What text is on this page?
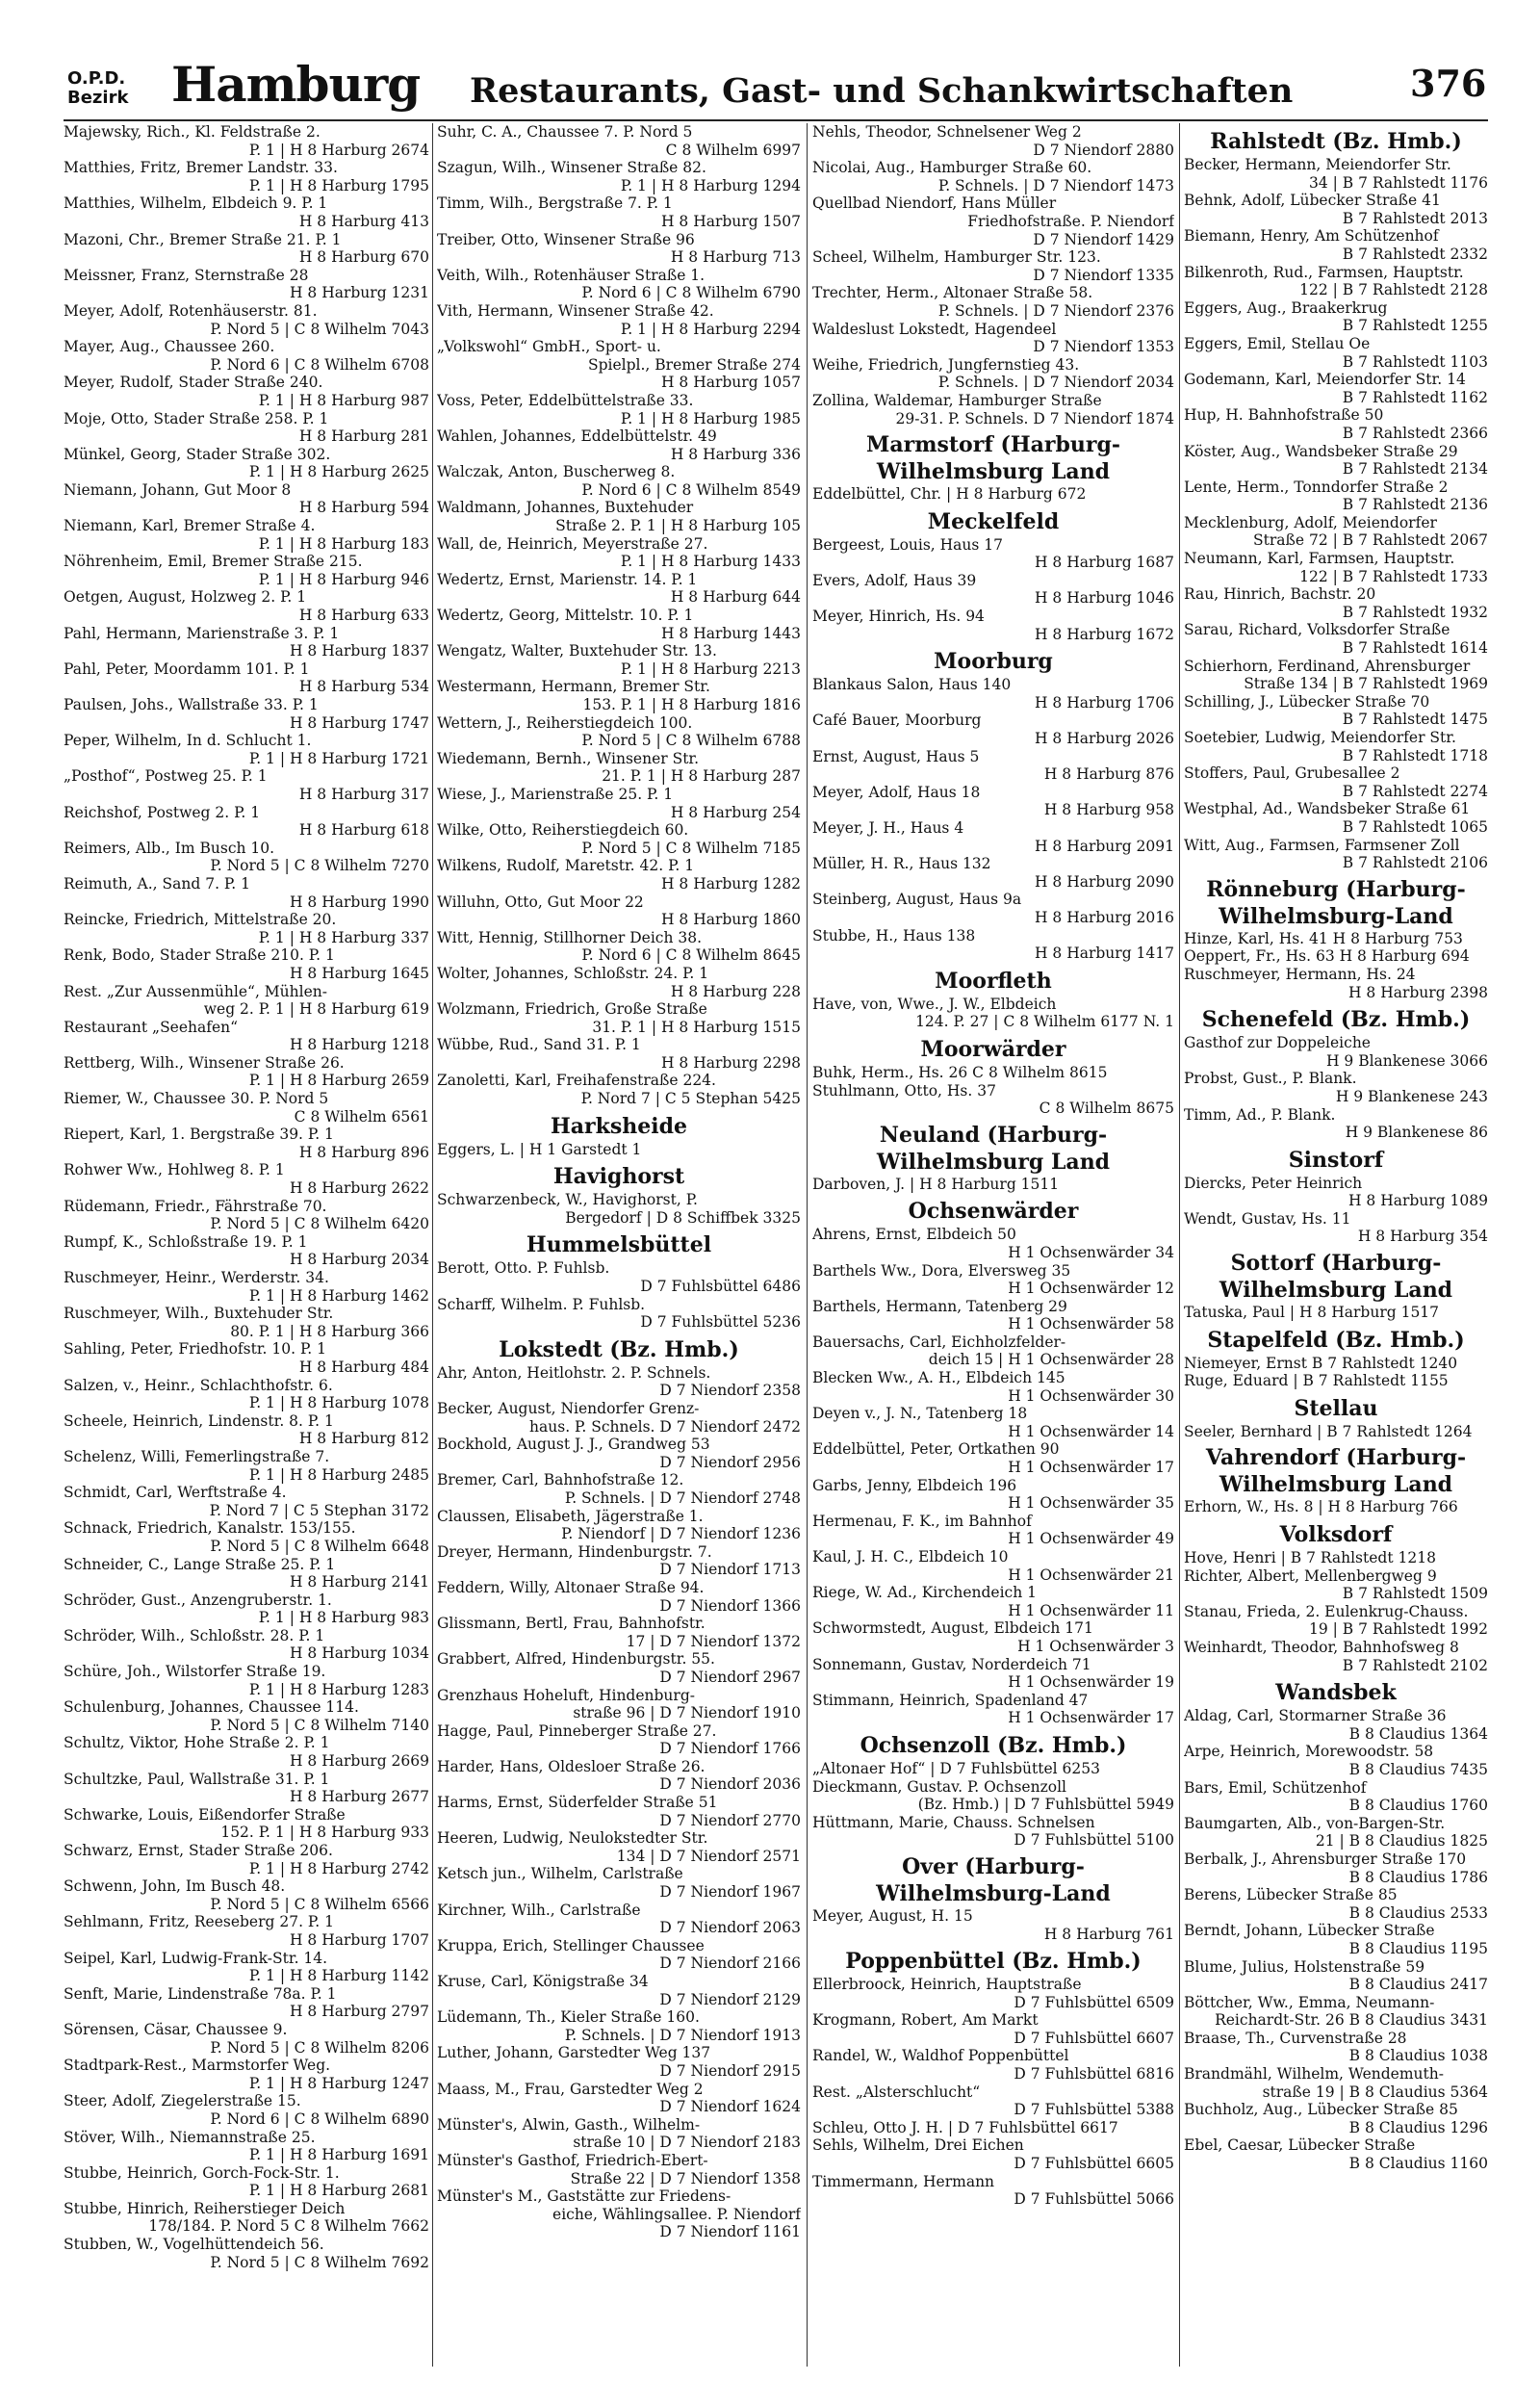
O.P.D.
Bezirk Hamburg Restaurants, Gast- und Schankwirtschaften	376
Majewsky, Rich., Kl. Feldstraße 2.
P. 1 | H 8 Harburg 2674
Matthies, Fritz, Bremer Landstr. 33.
P. 1 | H 8 Harburg 1795
Matthies, Wilhelm, Elbdeich 9. P. 1
H 8 Harburg 413
Mazoni, Chr., Bremer Straße 21. P. 1
H 8 Harburg 670
Meissner, Franz, Sternstraße 28
H 8 Harburg 1231
Meyer, Adolf, Rotenhäuserstr. 81.
P. Nord 5 | C 8 Wilhelm 7043
Mayer, Aug., Chaussee 260.
P. Nord 6 | C 8 Wilhelm 6708
Meyer, Rudolf, Stader Straße 240.
P. 1 | H 8 Harburg 987
Moje, Otto, Stader Straße 258. P. 1
H 8 Harburg 281
Münkel, Georg, Stader Straße 302.
P. 1 | H 8 Harburg 2625
Niemann, Johann, Gut Moor 8
H 8 Harburg 594
Niemann, Karl, Bremer Straße 4.
P. 1 | H 8 Harburg 183
Nöhrenheim, Emil, Bremer Straße 215.
P. 1 | H 8 Harburg 946
Oetgen, August, Holzweg 2. P. 1
H 8 Harburg 633
Pahl, Hermann, Marienstraße 3. P. 1
H 8 Harburg 1837
Pahl, Peter, Moordamm 101. P. 1
H 8 Harburg 534
Paulsen, Johs., Wallstraße 33. P. 1
H 8 Harburg 1747
Peper, Wilhelm, In d. Schlucht 1.
P. 1 | H 8 Harburg 1721
„Posthof“, Postweg 25. P. 1
H 8 Harburg 317
Reichshof, Postweg 2. P. 1
H 8 Harburg 618
Reimers, Alb., Im Busch 10.
P. Nord 5 | C 8 Wilhelm 7270
Reimuth, A., Sand 7. P. 1
H 8 Harburg 1990
Reincke, Friedrich, Mittelstraße 20.
P. 1 | H 8 Harburg 337
Renk, Bodo, Stader Straße 210. P. 1
H 8 Harburg 1645
Rest. „Zur Aussenmühle“, Mühlen-
weg 2. P. 1 | H 8 Harburg 619
Restaurant „Seehafen“
H 8 Harburg 1218
Rettberg, Wilh., Winsener Straße 26.
P. 1 | H 8 Harburg 2659
Riemer, W., Chaussee 30. P. Nord 5
C 8 Wilhelm 6561
Riepert, Karl, 1. Bergstraße 39. P. 1
H 8 Harburg 896
Rohwer Ww., Hohlweg 8. P. 1
H 8 Harburg 2622
Rüdemann, Friedr., Fährstraße 70.
P. Nord 5 | C 8 Wilhelm 6420
Rumpf, K., Schloßstraße 19. P. 1
H 8 Harburg 2034
Ruschmeyer, Heinr., Werderstr. 34.
P. 1 | H 8 Harburg 1462
Ruschmeyer, Wilh., Buxtehuder Str.
80. P. 1 | H 8 Harburg 366
Sahling, Peter, Friedhofstr. 10. P. 1
H 8 Harburg 484
Salzen, v., Heinr., Schlachthofstr. 6.
P. 1 | H 8 Harburg 1078
Scheele, Heinrich, Lindenstr. 8. P. 1
H 8 Harburg 812
Schelenz, Willi, Femerlingstraße 7.
P. 1 | H 8 Harburg 2485
Schmidt, Carl, Werftstraße 4.
P. Nord 7 | C 5 Stephan 3172
Schnack, Friedrich, Kanalstr. 153/155.
P. Nord 5 | C 8 Wilhelm 6648
Schneider, C., Lange Straße 25. P. 1
H 8 Harburg 2141
Schröder, Gust., Anzengruberstr. 1.
P. 1 | H 8 Harburg 983
Schröder, Wilh., Schloßstr. 28. P. 1
H 8 Harburg 1034
Schüre, Joh., Wilstorfer Straße 19.
P. 1 | H 8 Harburg 1283
Schulenburg, Johannes, Chaussee 114.
P. Nord 5 | C 8 Wilhelm 7140
Schultz, Viktor, Hohe Straße 2. P. 1
H 8 Harburg 2669
Schultzke, Paul, Wallstraße 31. P. 1
H 8 Harburg 2677
Schwarke, Louis, Eißendorfer Straße
152. P. 1 | H 8 Harburg 933
Schwarz, Ernst, Stader Straße 206.
P. 1 | H 8 Harburg 2742
Schwenn, John, Im Busch 48.
P. Nord 5 | C 8 Wilhelm 6566
Sehlmann, Fritz, Reeseberg 27. P. 1
H 8 Harburg 1707
Seipel, Karl, Ludwig-Frank-Str. 14.
P. 1 | H 8 Harburg 1142
Senft, Marie, Lindenstraße 78a. P. 1
H 8 Harburg 2797
Sörensen, Cäsar, Chaussee 9.
P. Nord 5 | C 8 Wilhelm 8206
Stadtpark-Rest., Marmstorfer Weg.
P. 1 | H 8 Harburg 1247
Steer, Adolf, Ziegelerstraße 15.
P. Nord 6 | C 8 Wilhelm 6890
Stöver, Wilh., Niemannstraße 25.
P. 1 | H 8 Harburg 1691
Stubbe, Heinrich, Gorch-Fock-Str. 1.
P. 1 | H 8 Harburg 2681
Stubbe, Hinrich, Reiherstieger Deich
178/184. P. Nord 5 C 8 Wilhelm 7662
Stubben, W., Vogelhüttendeich 56.
P. Nord 5 | C 8 Wilhelm 7692
Suhr, C. A., Chaussee 7. P. Nord 5
C 8 Wilhelm 6997
Szagun, Wilh., Winsener Straße 82.
P. 1 | H 8 Harburg 1294
Timm, Wilh., Bergstraße 7. P. 1
H 8 Harburg 1507
Treiber, Otto, Winsener Straße 96
H 8 Harburg 713
Veith, Wilh., Rotenhäuser Straße 1.
P. Nord 6 | C 8 Wilhelm 6790
Vith, Hermann, Winsener Straße 42.
P. 1 | H 8 Harburg 2294
„Volkswohl“ GmbH., Sport- u.
Spielpl., Bremer Straße 274
H 8 Harburg 1057
Voss, Peter, Eddelbüttelstraße 33.
P. 1 | H 8 Harburg 1985
Wahlen, Johannes, Eddelbüttelstr. 49
H 8 Harburg 336
Walczak, Anton, Buscherweg 8.
P. Nord 6 | C 8 Wilhelm 8549
Waldmann, Johannes, Buxtehuder
Straße 2. P. 1 | H 8 Harburg 105
Wall, de, Heinrich, Meyerstraße 27.
P. 1 | H 8 Harburg 1433
Wedertz, Ernst, Marienstr. 14. P. 1
H 8 Harburg 644
Wedertz, Georg, Mittelstr. 10. P. 1
H 8 Harburg 1443
Wengatz, Walter, Buxtehuder Str. 13.
P. 1 | H 8 Harburg 2213
Westermann, Hermann, Bremer Str.
153. P. 1 | H 8 Harburg 1816
Wettern, J., Reiherstiegdeich 100.
P. Nord 5 | C 8 Wilhelm 6788
Wiedemann, Bernh., Winsener Str.
21. P. 1 | H 8 Harburg 287
Wiese, J., Marienstraße 25. P. 1
H 8 Harburg 254
Wilke, Otto, Reiherstiegdeich 60.
P. Nord 5 | C 8 Wilhelm 7185
Wilkens, Rudolf, Maretstr. 42. P. 1
H 8 Harburg 1282
Willuhn, Otto, Gut Moor 22
H 8 Harburg 1860
Witt, Hennig, Stillhorner Deich 38.
P. Nord 6 | C 8 Wilhelm 8645
Wolter, Johannes, Schloßstr. 24. P. 1
H 8 Harburg 228
Wolzmann, Friedrich, Große Straße
31. P. 1 | H 8 Harburg 1515
Wübbe, Rud., Sand 31. P. 1
H 8 Harburg 2298
Zanoletti, Karl, Freihafenstraße 224.
P. Nord 7 | C 5 Stephan 5425
Harksheide
Eggers, L. | H 1 Garstedt 1
Havighorst
Schwarzenbeck, W., Havighorst, P.
Bergedorf | D 8 Schiffbek 3325
Hummelsbüttel
Berott, Otto. P. Fuhlsb.
D 7 Fuhlsbüttel 6486
Scharff, Wilhelm. P. Fuhlsb.
D 7 Fuhlsbüttel 5236
Lokstedt (Bz. Hmb.)
Ahr, Anton, Heitlohstr. 2. P. Schnels.
D 7 Niendorf 2358
Becker, August, Niendorfer Grenz-
haus. P. Schnels. D 7 Niendorf 2472
Bockhold, August J. J., Grandweg 53
D 7 Niendorf 2956
Bremer, Carl, Bahnhofstraße 12.
P. Schnels. | D 7 Niendorf 2748
Claussen, Elisabeth, Jägerstraße 1.
P. Niendorf | D 7 Niendorf 1236
Dreyer, Hermann, Hindenburgstr. 7.
D 7 Niendorf 1713
Feddern, Willy, Altonaer Straße 94.
D 7 Niendorf 1366
Glissmann, Bertl, Frau, Bahnhofstr.
17 | D 7 Niendorf 1372
Grabbert, Alfred, Hindenburgstr. 55.
D 7 Niendorf 2967
Grenzhaus Hoheluft, Hindenburg-
straße 96 | D 7 Niendorf 1910
Hagge, Paul, Pinneberger Straße 27.
D 7 Niendorf 1766
Harder, Hans, Oldesloer Straße 26.
D 7 Niendorf 2036
Harms, Ernst, Süderfelder Straße 51
D 7 Niendorf 2770
Heeren, Ludwig, Neulokstedter Str.
134 | D 7 Niendorf 2571
Ketsch jun., Wilhelm, Carlstraße
D 7 Niendorf 1967
Kirchner, Wilh., Carlstraße
D 7 Niendorf 2063
Kruppa, Erich, Stellinger Chaussee
D 7 Niendorf 2166
Kruse, Carl, Königstraße 34
D 7 Niendorf 2129
Lüdemann, Th., Kieler Straße 160.
P. Schnels. | D 7 Niendorf 1913
Luther, Johann, Garstedter Weg 137
D 7 Niendorf 2915
Maass, M., Frau, Garstedter Weg 2
D 7 Niendorf 1624
Münster's, Alwin, Gasth., Wilhelm-
straße 10 | D 7 Niendorf 2183
Münster's Gasthof, Friedrich-Ebert-
Straße 22 | D 7 Niendorf 1358
Münster's M., Gaststätte zur Friedens-
eiche, Wählingsallee. P. Niendorf
D 7 Niendorf 1161
Nehls, Theodor, Schnelsener Weg 2
D 7 Niendorf 2880
Nicolai, Aug., Hamburger Straße 60.
P. Schnels. | D 7 Niendorf 1473
Quellbad Niendorf, Hans Müller
Friedhofstraße. P. Niendorf
D 7 Niendorf 1429
Scheel, Wilhelm, Hamburger Str. 123.
D 7 Niendorf 1335
Trechter, Herm., Altonaer Straße 58.
P. Schnels. | D 7 Niendorf 2376
Waldeslust Lokstedt, Hagendeel
D 7 Niendorf 1353
Weihe, Friedrich, Jungfernstieg 43.
P. Schnels. | D 7 Niendorf 2034
Zollina, Waldemar, Hamburger Straße
29-31. P. Schnels. D 7 Niendorf 1874
Marmstorf (Harburg-
Wilhelmsburg Land
Eddelbüttel, Chr. | H 8 Harburg 672
Meckelfeld
Bergeest, Louis, Haus 17
H 8 Harburg 1687
Evers, Adolf, Haus 39
H 8 Harburg 1046
Meyer, Hinrich, Hs. 94
H 8 Harburg 1672
Moorburg
Blankaus Salon, Haus 140
H 8 Harburg 1706
Café Bauer, Moorburg
H 8 Harburg 2026
Ernst, August, Haus 5
H 8 Harburg 876
Meyer, Adolf, Haus 18
H 8 Harburg 958
Meyer, J. H., Haus 4
H 8 Harburg 2091
Müller, H. R., Haus 132
H 8 Harburg 2090
Steinberg, August, Haus 9a
H 8 Harburg 2016
Stubbe, H., Haus 138
H 8 Harburg 1417
Moorfleth
Have, von, Wwe., J. W., Elbdeich
124. P. 27 | C 8 Wilhelm 6177 N. 1
Moorwärder
Buhk, Herm., Hs. 26 C 8 Wilhelm 8615
Stuhlmann, Otto, Hs. 37
C 8 Wilhelm 8675
Neuland (Harburg-
Wilhelmsburg Land
Darboven, J. | H 8 Harburg 1511
Ochsenwärder
Ahrens, Ernst, Elbdeich 50
H 1 Ochsenwärder 34
Barthels Ww., Dora, Elversweg 35
H 1 Ochsenwärder 12
Barthels, Hermann, Tatenberg 29
H 1 Ochsenwärder 58
Bauersachs, Carl, Eichholzfelder-
deich 15 | H 1 Ochsenwärder 28
Blecken Ww., A. H., Elbdeich 145
H 1 Ochsenwärder 30
Deyen v., J. N., Tatenberg 18
H 1 Ochsenwärder 14
Eddelbüttel, Peter, Ortkathen 90
H 1 Ochsenwärder 17
Garbs, Jenny, Elbdeich 196
H 1 Ochsenwärder 35
Hermenau, F. K., im Bahnhof
H 1 Ochsenwärder 49
Kaul, J. H. C., Elbdeich 10
H 1 Ochsenwärder 21
Riege, W. Ad., Kirchendeich 1
H 1 Ochsenwärder 11
Schwormstedt, August, Elbdeich 171
H 1 Ochsenwärder 3
Sonnemann, Gustav, Norderdeich 71
H 1 Ochsenwärder 19
Stimmann, Heinrich, Spadenland 47
H 1 Ochsenwärder 17
Ochsenzoll (Bz. Hmb.)
„Altonaer Hof“ | D 7 Fuhlsbüttel 6253
Dieckmann, Gustav. P. Ochsenzoll
(Bz. Hmb.) | D 7 Fuhlsbüttel 5949
Hüttmann, Marie, Chauss. Schnelsen
D 7 Fuhlsbüttel 5100
Over (Harburg-
Wilhelmsburg-Land
Meyer, August, H. 15
H 8 Harburg 761
Poppenbüttel (Bz. Hmb.)
Ellerbroock, Heinrich, Hauptstraße
D 7 Fuhlsbüttel 6509
Krogmann, Robert, Am Markt
D 7 Fuhlsbüttel 6607
Randel, W., Waldhof Poppenbüttel
D 7 Fuhlsbüttel 6816
Rest. „Alsterschlucht“
D 7 Fuhlsbüttel 5388
Schleu, Otto J. H. | D 7 Fuhlsbüttel 6617
Sehls, Wilhelm, Drei Eichen
D 7 Fuhlsbüttel 6605
Timmermann, Hermann
D 7 Fuhlsbüttel 5066
Rahlstedt (Bz. Hmb.)
Becker, Hermann, Meiendorfer Str.
34 | B 7 Rahlstedt 1176
Behnk, Adolf, Lübecker Straße 41
B 7 Rahlstedt 2013
Biemann, Henry, Am Schützenhof
B 7 Rahlstedt 2332
Bilkenroth, Rud., Farmsen, Hauptstr.
122 | B 7 Rahlstedt 2128
Eggers, Aug., Braakerkrug
B 7 Rahlstedt 1255
Eggers, Emil, Stellau Oe
B 7 Rahlstedt 1103
Godemann, Karl, Meiendorfer Str. 14
B 7 Rahlstedt 1162
Hup, H. Bahnhofstraße 50
B 7 Rahlstedt 2366
Köster, Aug., Wandsbeker Straße 29
B 7 Rahlstedt 2134
Lente, Herm., Tonndorfer Straße 2
B 7 Rahlstedt 2136
Mecklenburg, Adolf, Meiendorfer
Straße 72 | B 7 Rahlstedt 2067
Neumann, Karl, Farmsen, Hauptstr.
122 | B 7 Rahlstedt 1733
Rau, Hinrich, Bachstr. 20
B 7 Rahlstedt 1932
Sarau, Richard, Volksdorfer Straße
B 7 Rahlstedt 1614
Schierhorn, Ferdinand, Ahrensburger
Straße 134 | B 7 Rahlstedt 1969
Schilling, J., Lübecker Straße 70
B 7 Rahlstedt 1475
Soetebier, Ludwig, Meiendorfer Str.
B 7 Rahlstedt 1718
Stoffers, Paul, Grubesallee 2
B 7 Rahlstedt 2274
Westphal, Ad., Wandsbeker Straße 61
B 7 Rahlstedt 1065
Witt, Aug., Farmsen, Farmsener Zoll
B 7 Rahlstedt 2106
Rönneburg (Harburg-
Wilhelmsburg-Land
Hinze, Karl, Hs. 41 H 8 Harburg 753
Oeppert, Fr., Hs. 63 H 8 Harburg 694
Ruschmeyer, Hermann, Hs. 24
H 8 Harburg 2398
Schenefeld (Bz. Hmb.)
Gasthof zur Doppeleiche
H 9 Blankenese 3066
Probst, Gust., P. Blank.
H 9 Blankenese 243
Timm, Ad., P. Blank.
H 9 Blankenese 86
Sinstorf
Diercks, Peter Heinrich
H 8 Harburg 1089
Wendt, Gustav, Hs. 11
H 8 Harburg 354
Sottorf (Harburg-
Wilhelmsburg Land
Tatuska, Paul | H 8 Harburg 1517
Stapelfeld (Bz. Hmb.)
Niemeyer, Ernst B 7 Rahlstedt 1240
Ruge, Eduard | B 7 Rahlstedt 1155
Stellau
Seeler, Bernhard | B 7 Rahlstedt 1264
Vahrendorf (Harburg-
Wilhelmsburg Land
Erhorn, W., Hs. 8 | H 8 Harburg 766
Volksdorf
Hove, Henri | B 7 Rahlstedt 1218
Richter, Albert, Mellenbergweg 9
B 7 Rahlstedt 1509
Stanau, Frieda, 2. Eulenkrug-Chauss.
19 | B 7 Rahlstedt 1992
Weinhardt, Theodor, Bahnhofsweg 8
B 7 Rahlstedt 2102
Wandsbek
Aldag, Carl, Stormarner Straße 36
B 8 Claudius 1364
Arpe, Heinrich, Morewoodstr. 58
B 8 Claudius 7435
Bars, Emil, Schützenhof
B 8 Claudius 1760
Baumgarten, Alb., von-Bargen-Str.
21 | B 8 Claudius 1825
Berbalk, J., Ahrensburger Straße 170
B 8 Claudius 1786
Berens, Lübecker Straße 85
B 8 Claudius 2533
Berndt, Johann, Lübecker Straße
B 8 Claudius 1195
Blume, Julius, Holstenstraße 59
B 8 Claudius 2417
Böttcher, Ww., Emma, Neumann-
Reichardt-Str. 26 B 8 Claudius 3431
Braase, Th., Curvenstraße 28
B 8 Claudius 1038
Brandmähl, Wilhelm, Wendemuth-
straße 19 | B 8 Claudius 5364
Buchholz, Aug., Lübecker Straße 85
B 8 Claudius 1296
Ebel, Caesar, Lübecker Straße
B 8 Claudius 1160
